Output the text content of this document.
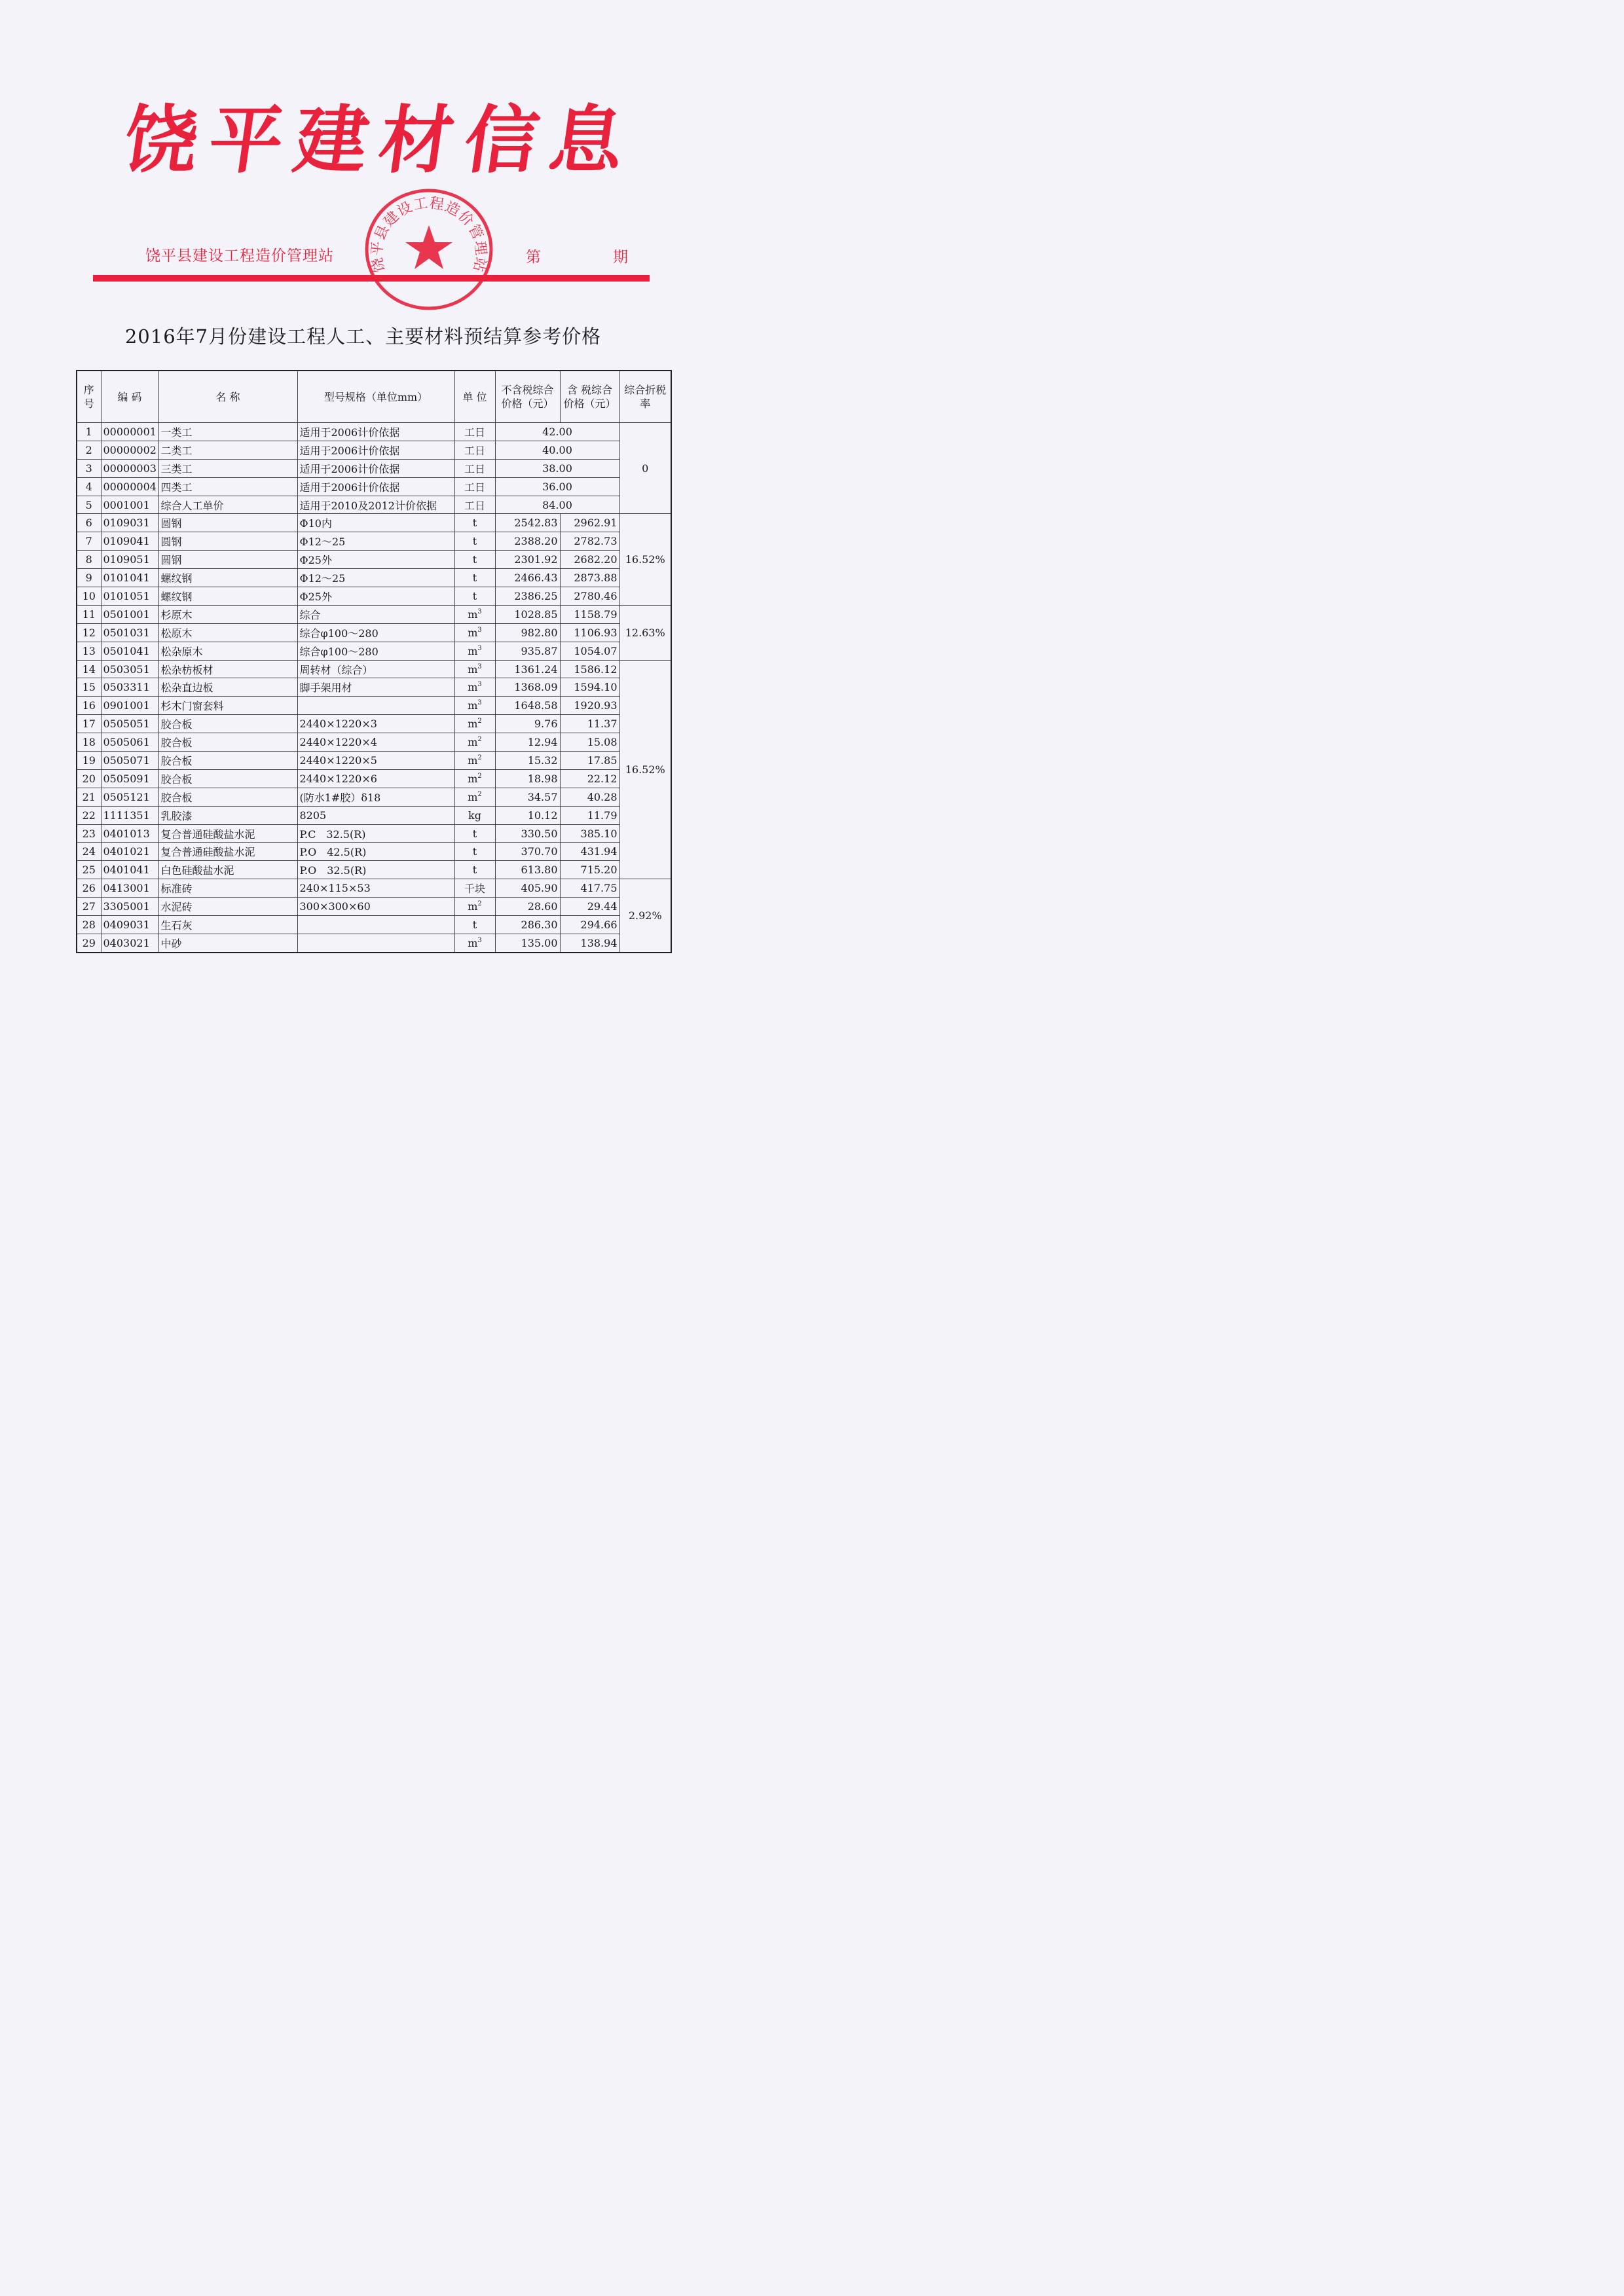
饶平建材信息
饶平县建设工程造价管理站	第	期
饶平县建设工程造价管理站
2016年7月份建设工程人工、主要材料预结算参考价格
序号	编 码	名 称	型号规格（单位mm）	单 位	不含税综合价格（元）	含 税综合价格（元）	综合折税率
1	00000001	一类工	适用于2006计价依据	工日	42.00		0
2	00000002	二类工	适用于2006计价依据	工日	40.00		
3	00000003	三类工	适用于2006计价依据	工日	38.00		
4	00000004	四类工	适用于2006计价依据	工日	36.00		
5	0001001	综合人工单价	适用于2010及2012计价依据	工日	84.00		
6	0109031	圆钢	Φ10内	t	2542.83	2962.91	16.52%
7	0109041	圆钢	Φ12～25	t	2388.20	2782.73	
8	0109051	圆钢	Φ25外	t	2301.92	2682.20	
9	0101041	螺纹钢	Φ12～25	t	2466.43	2873.88	
10	0101051	螺纹钢	Φ25外	t	2386.25	2780.46	
11	0501001	杉原木	综合	$m^3$	1028.85	1158.79	12.63%
12	0501031	松原木	综合φ100～280	$m^3$	982.80	1106.93	
13	0501041	松杂原木	综合φ100～280	$m^3$	935.87	1054.07	
14	0503051	松杂枋板材	周转材（综合）	$m^3$	1361.24	1586.12	16.52%
15	0503311	松杂直边板	脚手架用材	$m^3$	1368.09	1594.10	
16	0901001	杉木门窗套料		$m^3$	1648.58	1920.93	
17	0505051	胶合板	2440×1220×3	$m^2$	9.76	11.37	
18	0505061	胶合板	2440×1220×4	$m^2$	12.94	15.08	
19	0505071	胶合板	2440×1220×5	$m^2$	15.32	17.85	
20	0505091	胶合板	2440×1220×6	$m^2$	18.98	22.12	
21	0505121	胶合板	(防水1#胶）δ18	$m^2$	34.57	40.28	
22	1111351	乳胶漆	8205	kg	10.12	11.79	
23	0401013	复合普通硅酸盐水泥	P.C　32.5(R)	t	330.50	385.10	
24	0401021	复合普通硅酸盐水泥	P.O　42.5(R)	t	370.70	431.94	
25	0401041	白色硅酸盐水泥	P.O　32.5(R)	t	613.80	715.20	
26	0413001	标准砖	240×115×53	千块	405.90	417.75	2.92%
27	3305001	水泥砖	300×300×60	$m^2$	28.60	29.44	
28	0409031	生石灰		t	286.30	294.66	
29	0403021	中砂		$m^3$	135.00	138.94	
